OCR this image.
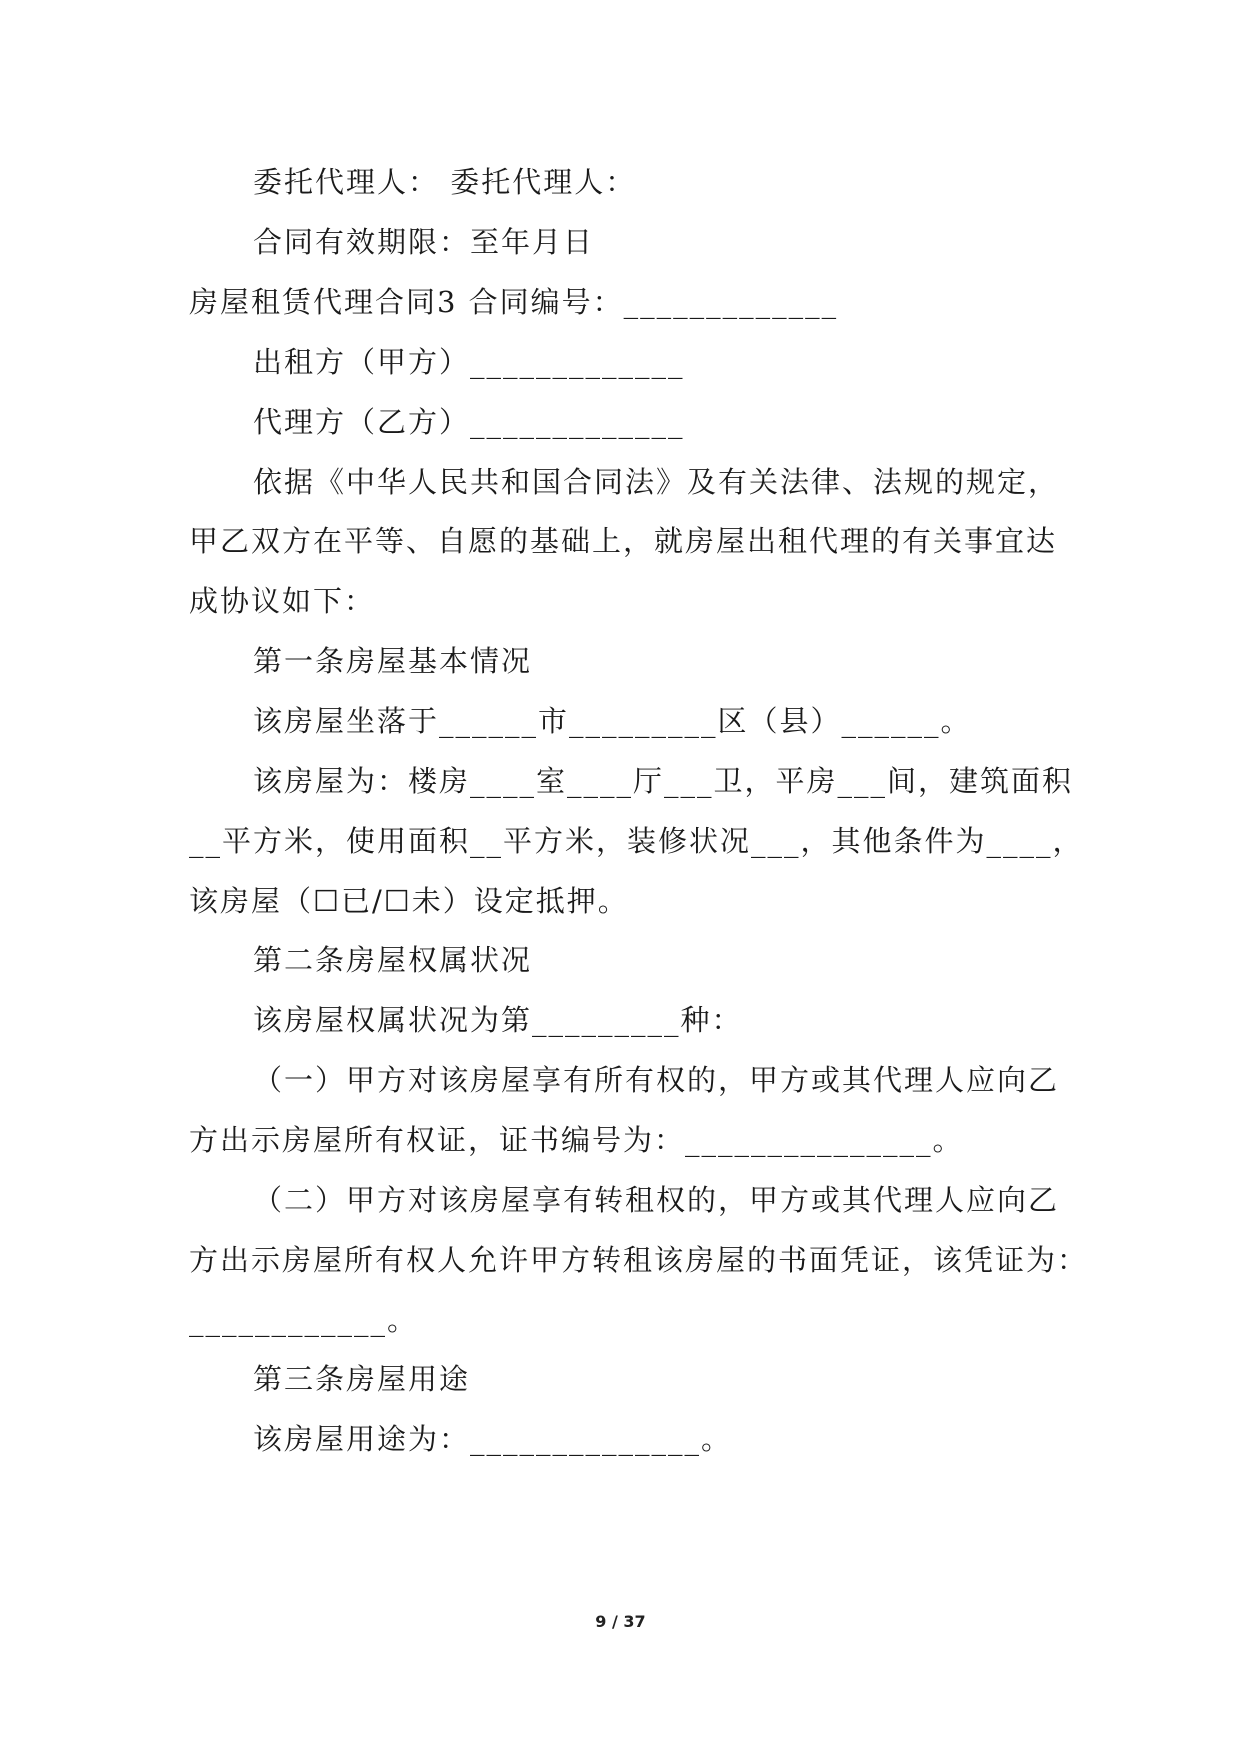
委托代理人： 委托代理人：
合同有效期限：至年月日
房屋租赁代理合同3 合同编号：_____________
出租方（甲方）_____________
代理方（乙方）_____________
依据《中华人民共和国合同法》及有关法律、法规的规定，
甲乙双方在平等、自愿的基础上，就房屋出租代理的有关事宜达
成协议如下：
第一条房屋基本情况
该房屋坐落于______市_________区（县）______。
该房屋为：楼房____室____厅___卫，平房___间，建筑面积
__平方米，使用面积__平方米，装修状况___，其他条件为____，
该房屋（☐已/☐未）设定抵押。
第二条房屋权属状况
该房屋权属状况为第_________种：
（一）甲方对该房屋享有所有权的，甲方或其代理人应向乙
方出示房屋所有权证，证书编号为：_______________。
（二）甲方对该房屋享有转租权的，甲方或其代理人应向乙
方出示房屋所有权人允许甲方转租该房屋的书面凭证，该凭证为：
____________。
第三条房屋用途
该房屋用途为：______________。
9 / 37
